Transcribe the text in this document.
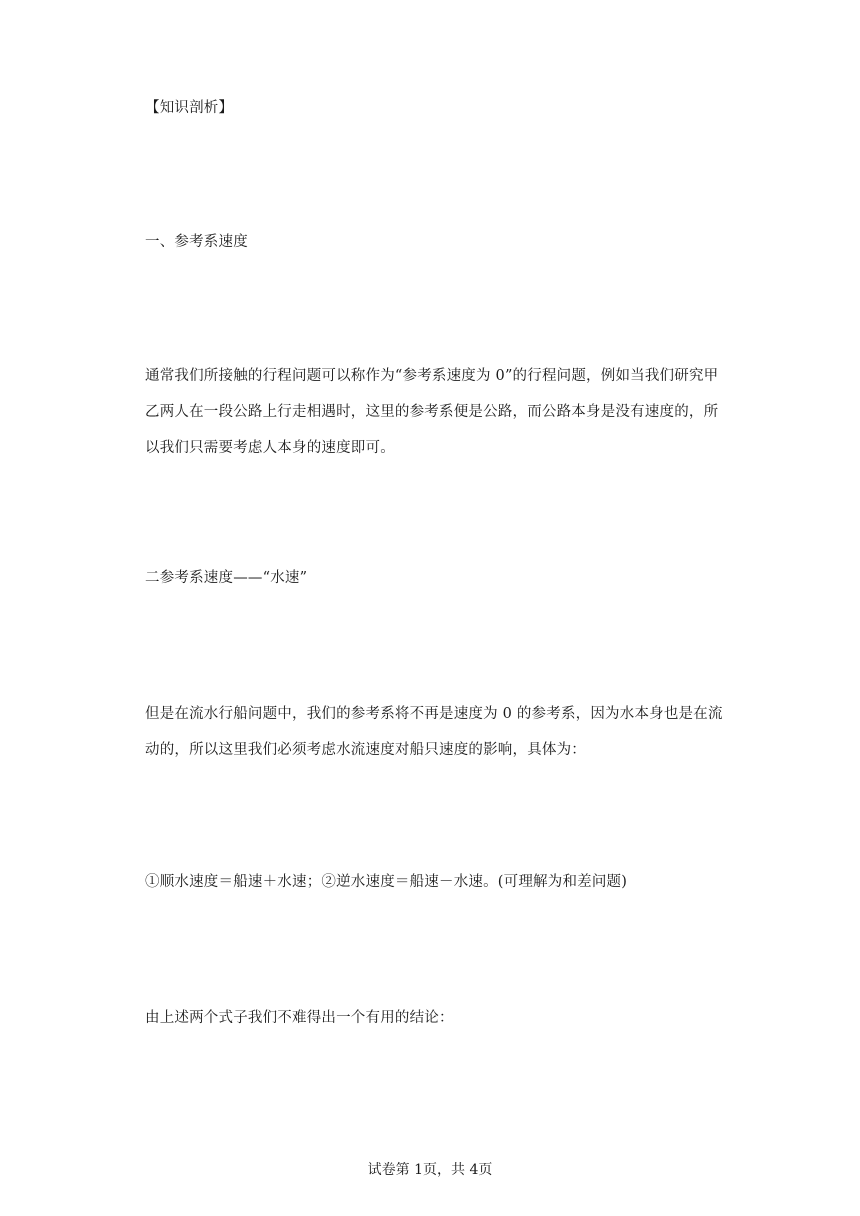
【知识剖析】

一、参考系速度

通常我们所接触的行程问题可以称作为“参考系速度为 0”的行程问题，例如当我们研究甲乙两人在一段公路上行走相遇时，这里的参考系便是公路，而公路本身是没有速度的，所以我们只需要考虑人本身的速度即可。

二参考系速度——“水速”

但是在流水行船问题中，我们的参考系将不再是速度为 0 的参考系，因为水本身也是在流动的，所以这里我们必须考虑水流速度对船只速度的影响，具体为：

①顺水速度＝船速＋水速；②逆水速度＝船速－水速。(可理解为和差问题)

由上述两个式子我们不难得出一个有用的结论：

试卷第 1页，共 4页
